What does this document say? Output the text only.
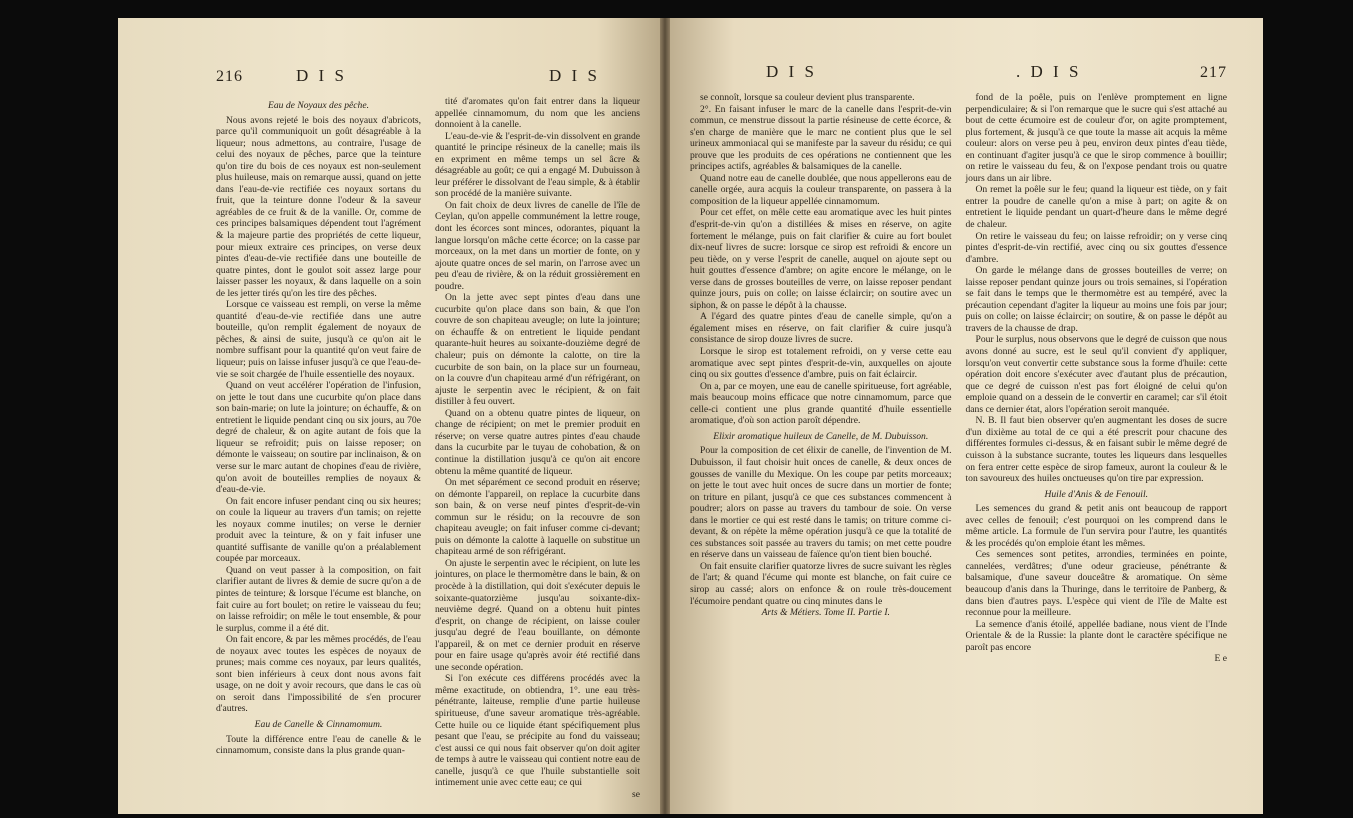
216	D I S	D I S

Eau de Noyaux des pêche.

Nous avons rejeté le bois des noyaux d'abricots, parce qu'il communiquoit un goût désagréable à la liqueur; nous admettons, au contraire, l'usage de celui des noyaux de pêches, parce que la teinture qu'on tire du bois de ces noyaux est non-seulement plus huileuse, mais on remarque aussi, quand on jette dans l'eau-de-vie rectifiée ces noyaux sortans du fruit, que la teinture donne l'odeur & la saveur agréables de ce fruit & de la vanille. Or, comme de ces principes balsamiques dépendent tout l'agrément & la majeure partie des propriétés de cette liqueur, pour mieux extraire ces principes, on verse deux pintes d'eau-de-vie rectifiée dans une bouteille de quatre pintes, dont le goulot soit assez large pour laisser passer les noyaux, & dans laquelle on a soin de les jetter tirés qu'on les tire des pêches.

Lorsque ce vaisseau est rempli, on verse la même quantité d'eau-de-vie rectifiée dans une autre bouteille, qu'on remplit également de noyaux de pêches, & ainsi de suite, jusqu'à ce qu'on ait le nombre suffisant pour la quantité qu'on veut faire de liqueur; puis on laisse infuser jusqu'à ce que l'eau-de-vie se soit chargée de l'huile essentielle des noyaux.

Quand on veut accélérer l'opération de l'infusion, on jette le tout dans une cucurbite qu'on place dans son bain-marie; on lute la jointure; on échauffe, & on entretient le liquide pendant cinq ou six jours, au 70e degré de chaleur, & on agite autant de fois que la liqueur se refroidit; puis on laisse reposer; on démonte le vaisseau; on soutire par inclinaison, & on verse sur le marc autant de chopines d'eau de rivière, qu'on avoit de bouteilles remplies de noyaux & d'eau-de-vie.

On fait encore infuser pendant cinq ou six heures; on coule la liqueur au travers d'un tamis; on rejette les noyaux comme inutiles; on verse le dernier produit avec la teinture, & on y fait infuser une quantité suffisante de vanille qu'on a préalablement coupée par morceaux.

Quand on veut passer à la composition, on fait clarifier autant de livres & demie de sucre qu'on a de pintes de teinture; & lorsque l'écume est blanche, on fait cuire au fort boulet; on retire le vaisseau du feu; on laisse refroidir; on mêle le tout ensemble, & pour le surplus, comme il a été dit.

On fait encore, & par les mêmes procédés, de l'eau de noyaux avec toutes les espèces de noyaux de prunes; mais comme ces noyaux, par leurs qualités, sont bien inférieurs à ceux dont nous avons fait usage, on ne doit y avoir recours, que dans le cas où on seroit dans l'impossibilité de s'en procurer d'autres.

Eau de Canelle & Cinnamomum.

Toute la différence entre l'eau de canelle & le cinnamomum, consiste dans la plus grande quan-

tité d'aromates qu'on fait entrer dans la liqueur appellée cinnamomum, du nom que les anciens donnoient à la canelle.

L'eau-de-vie & l'esprit-de-vin dissolvent en grande quantité le principe résineux de la canelle; mais ils en expriment en même temps un sel âcre & désagréable au goût; ce qui a engagé M. Dubuisson à leur préférer le dissolvant de l'eau simple, & à établir son procédé de la manière suivante.

On fait choix de deux livres de canelle de l'île de Ceylan, qu'on appelle communément la lettre rouge, dont les écorces sont minces, odorantes, piquant la langue lorsqu'on mâche cette écorce; on la casse par morceaux, on la met dans un mortier de fonte, on y ajoute quatre onces de sel marin, on l'arrose avec un peu d'eau de rivière, & on la réduit grossièrement en poudre.

On la jette avec sept pintes d'eau dans une cucurbite qu'on place dans son bain, & que l'on couvre de son chapiteau aveugle; on lute la jointure; on échauffe & on entretient le liquide pendant quarante-huit heures au soixante-douzième degré de chaleur; puis on démonte la calotte, on tire la cucurbite de son bain, on la place sur un fourneau, on la couvre d'un chapiteau armé d'un réfrigérant, on ajuste le serpentin avec le récipient, & on fait distiller à feu ouvert.

Quand on a obtenu quatre pintes de liqueur, on change de récipient; on met le premier produit en réserve; on verse quatre autres pintes d'eau chaude dans la cucurbite par le tuyau de cohobation, & on continue la distillation jusqu'à ce qu'on ait encore obtenu la même quantité de liqueur.

On met séparément ce second produit en réserve; on démonte l'appareil, on replace la cucurbite dans son bain, & on verse neuf pintes d'esprit-de-vin commun sur le résidu; on la recouvre de son chapiteau aveugle; on fait infuser comme ci-devant; puis on démonte la calotte à laquelle on substitue un chapiteau armé de son réfrigérant.

On ajuste le serpentin avec le récipient, on lute les jointures, on place le thermomètre dans le bain, & on procède à la distillation, qui doit s'exécuter depuis le soixante-quatorzième jusqu'au soixante-dix-neuvième degré. Quand on a obtenu huit pintes d'esprit, on change de récipient, on laisse couler jusqu'au degré de l'eau bouillante, on démonte l'appareil, & on met ce dernier produit en réserve pour en faire usage qu'après avoir été rectifié dans une seconde opération.

Si l'on exécute ces différens procédés avec la même exactitude, on obtiendra, 1°. une eau très-pénétrante, laiteuse, remplie d'une partie huileuse spiritueuse, d'une saveur aromatique très-agréable. Cette huile ou ce liquide étant spécifiquement plus pesant que l'eau, se précipite au fond du vaisseau; c'est aussi ce qui nous fait observer qu'on doit agiter de temps à autre le vaisseau qui contient notre eau de canelle, jusqu'à ce que l'huile substantielle soit intimement unie avec cette eau; ce qui

se

D I S	. D I S	217

se connoît, lorsque sa couleur devient plus transparente.

2°. En faisant infuser le marc de la canelle dans l'esprit-de-vin commun, ce menstrue dissout la partie résineuse de cette écorce, & s'en charge de manière que le marc ne contient plus que le sel urineux ammoniacal qui se manifeste par la saveur du résidu; ce qui prouve que les produits de ces opérations ne contiennent que les principes actifs, agréables & balsamiques de la canelle.

Quand notre eau de canelle doublée, que nous appellerons eau de canelle orgée, aura acquis la couleur transparente, on passera à la composition de la liqueur appellée cinnamomum.

Pour cet effet, on mêle cette eau aromatique avec les huit pintes d'esprit-de-vin qu'on a distillées & mises en réserve, on agite fortement le mélange, puis on fait clarifier & cuire au fort boulet dix-neuf livres de sucre: lorsque ce sirop est refroidi & encore un peu tiède, on y verse l'esprit de canelle, auquel on ajoute sept ou huit gouttes d'essence d'ambre; on agite encore le mélange, on le verse dans de grosses bouteilles de verre, on laisse reposer pendant quinze jours, puis on colle; on laisse éclaircir; on soutire avec un siphon, & on passe le dépôt à la chausse.

A l'égard des quatre pintes d'eau de canelle simple, qu'on a également mises en réserve, on fait clarifier & cuire jusqu'à consistance de sirop douze livres de sucre.

Lorsque le sirop est totalement refroidi, on y verse cette eau aromatique avec sept pintes d'esprit-de-vin, auxquelles on ajoute cinq ou six gouttes d'essence d'ambre, puis on fait éclaircir.

On a, par ce moyen, une eau de canelle spiritueuse, fort agréable, mais beaucoup moins efficace que notre cinnamomum, parce que celle-ci contient une plus grande quantité d'huile essentielle aromatique, d'où son action paroît dépendre.

Elixir aromatique huileux de Canelle, de M. Dubuisson.

Pour la composition de cet élixir de canelle, de l'invention de M. Dubuisson, il faut choisir huit onces de canelle, & deux onces de gousses de vanille du Mexique. On les coupe par petits morceaux; on jette le tout avec huit onces de sucre dans un mortier de fonte; on triture en pilant, jusqu'à ce que ces substances commencent à poudrer; alors on passe au travers du tambour de soie. On verse dans le mortier ce qui est resté dans le tamis; on triture comme ci-devant, & on répète la même opération jusqu'à ce que la totalité de ces substances soit passée au travers du tamis; on met cette poudre en réserve dans un vaisseau de faïence qu'on tient bien bouché.

On fait ensuite clarifier quatorze livres de sucre suivant les règles de l'art; & quand l'écume qui monte est blanche, on fait cuire ce sirop au cassé; alors on enfonce & on roule très-doucement l'écumoire pendant quatre ou cinq minutes dans le

Arts & Métiers. Tome II. Partie I.

fond de la poêle, puis on l'enlève promptement en ligne perpendiculaire; & si l'on remarque que le sucre qui s'est attaché au bout de cette écumoire est de couleur d'or, on agite promptement, plus fortement, & jusqu'à ce que toute la masse ait acquis la même couleur: alors on verse peu à peu, environ deux pintes d'eau tiède, en continuant d'agiter jusqu'à ce que le sirop commence à bouillir; on retire le vaisseau du feu, & on l'expose pendant trois ou quatre jours dans un air libre.

On remet la poêle sur le feu; quand la liqueur est tiède, on y fait entrer la poudre de canelle qu'on a mise à part; on agite & on entretient le liquide pendant un quart-d'heure dans le même degré de chaleur.

On retire le vaisseau du feu; on laisse refroidir; on y verse cinq pintes d'esprit-de-vin rectifié, avec cinq ou six gouttes d'essence d'ambre.

On garde le mélange dans de grosses bouteilles de verre; on laisse reposer pendant quinze jours ou trois semaines, si l'opération se fait dans le temps que le thermomètre est au tempéré, avec la précaution cependant d'agiter la liqueur au moins une fois par jour; puis on colle; on laisse éclaircir; on soutire, & on passe le dépôt au travers de la chausse de drap.

Pour le surplus, nous observons que le degré de cuisson que nous avons donné au sucre, est le seul qu'il convient d'y appliquer, lorsqu'on veut convertir cette substance sous la forme d'huile: cette opération doit encore s'exécuter avec d'autant plus de précaution, que ce degré de cuisson n'est pas fort éloigné de celui qu'on emploie quand on a dessein de le convertir en caramel; car s'il étoit dans ce dernier état, alors l'opération seroit manquée.

N. B. Il faut bien observer qu'en augmentant les doses de sucre d'un dixième au total de ce qui a été prescrit pour chacune des différentes formules ci-dessus, & en faisant subir le même degré de cuisson à la substance sucrante, toutes les liqueurs dans lesquelles on fera entrer cette espèce de sirop fameux, auront la couleur & le ton savoureux des huiles onctueuses qu'on tire par expression.

Huile d'Anis & de Fenouil.

Les semences du grand & petit anis ont beaucoup de rapport avec celles de fenouil; c'est pourquoi on les comprend dans le même article. La formule de l'un servira pour l'autre, les quantités & les procédés qu'on emploie étant les mêmes.

Ces semences sont petites, arrondies, terminées en pointe, cannelées, verdâtres; d'une odeur gracieuse, pénétrante & balsamique, d'une saveur douceâtre & aromatique. On sème beaucoup d'anis dans la Thuringe, dans le territoire de Panberg, & dans bien d'autres pays. L'espèce qui vient de l'île de Malte est reconnue pour la meilleure.

La semence d'anis étoilé, appellée badiane, nous vient de l'Inde Orientale & de la Russie: la plante dont le caractère spécifique ne paroît pas encore

E e
